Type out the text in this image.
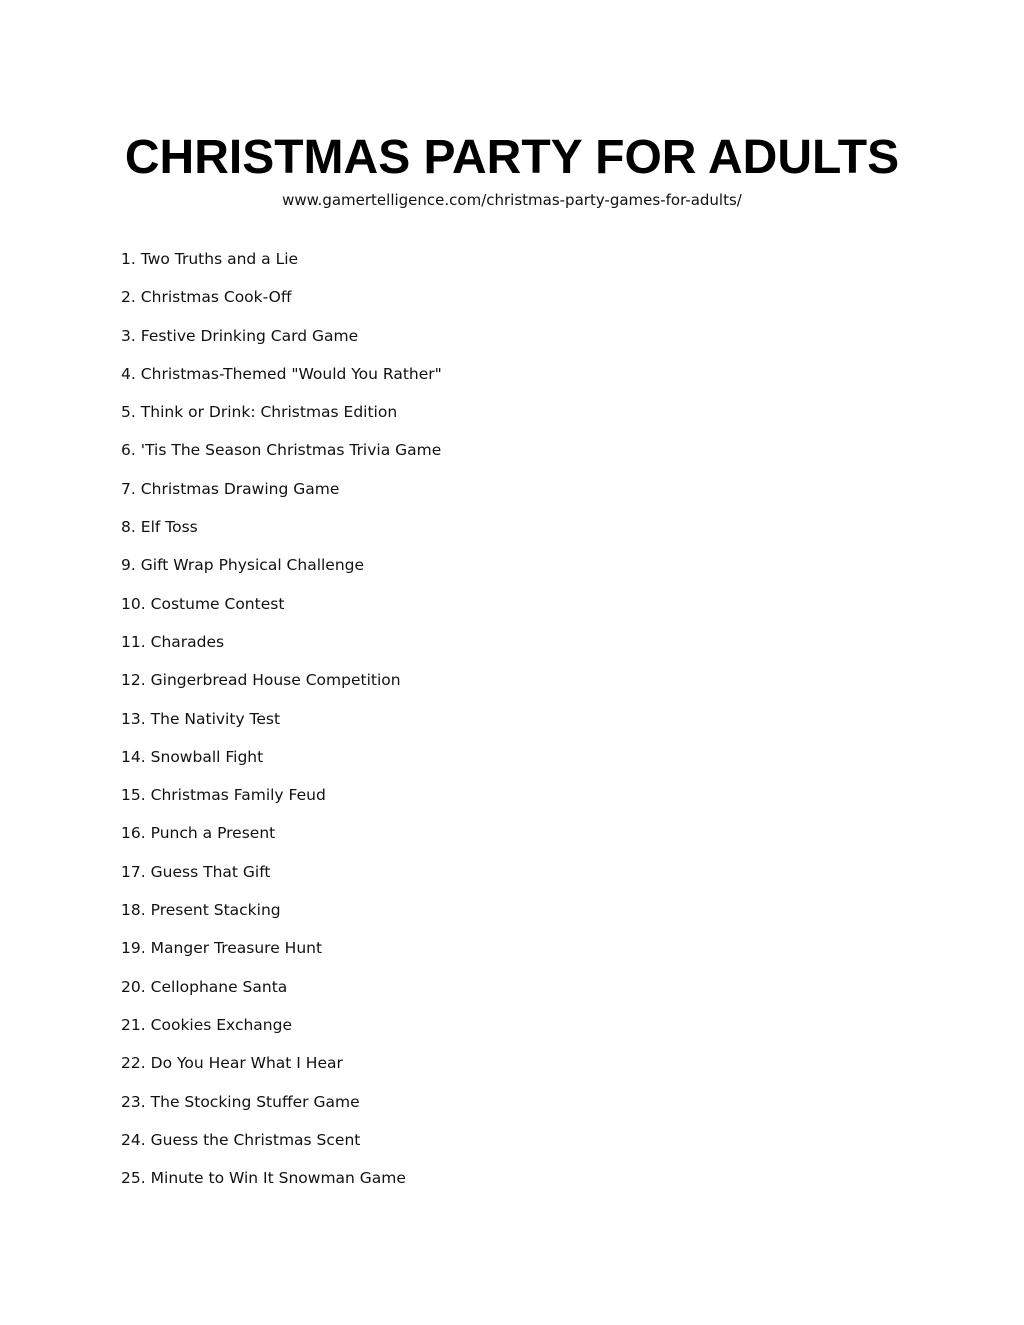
CHRISTMAS PARTY FOR ADULTS
www.gamertelligence.com/christmas-party-games-for-adults/
1. Two Truths and a Lie
2. Christmas Cook-Off
3. Festive Drinking Card Game
4. Christmas-Themed "Would You Rather"
5. Think or Drink: Christmas Edition
6. 'Tis The Season Christmas Trivia Game
7. Christmas Drawing Game
8. Elf Toss
9. Gift Wrap Physical Challenge
10. Costume Contest
11. Charades
12. Gingerbread House Competition
13. The Nativity Test
14. Snowball Fight
15. Christmas Family Feud
16. Punch a Present
17. Guess That Gift
18. Present Stacking
19. Manger Treasure Hunt
20. Cellophane Santa
21. Cookies Exchange
22. Do You Hear What I Hear
23. The Stocking Stuffer Game
24. Guess the Christmas Scent
25. Minute to Win It Snowman Game
